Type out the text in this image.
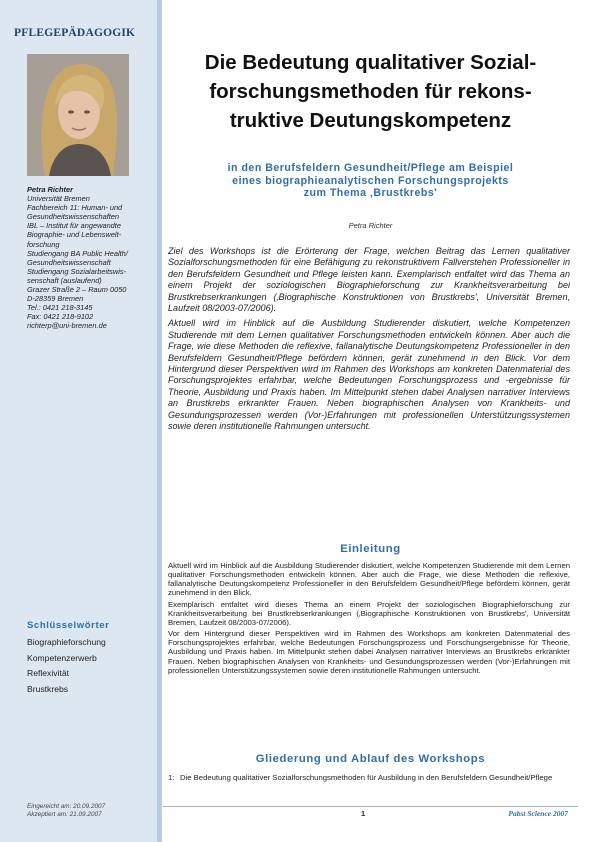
PFLEGEPÄDAGOGIK
Petra Richter
Universität Bremen
Fachbereich 11: Human- und
Gesundheitswissenschaften
IBL – Institut für angewandte
Biographie- und Lebenswelt-
forschung
Studiengang BA Public Health/
Gesundheitswissenschaft
Studiengang Sozialarbeitswis-
senschaft (auslaufend)
Grazer Straße 2 – Raum 0050
D-28359 Bremen
Tel.: 0421 218-3145
Fax: 0421 218-9102
richterp@uni-bremen.de
Schlüsselwörter
Biographieforschung
Kompetenzerwerb
Reflexivität
Brustkrebs
Eingereicht am: 20.09.2007
Akzeptiert am: 21.09.2007
Die Bedeutung qualitativer Sozial-
forschungsmethoden für rekons-
truktive Deutungskompetenz
in den Berufsfeldern Gesundheit/Pflege am Beispiel
eines biographieanalytischen Forschungsprojekts
zum Thema ‚Brustkrebs'
Petra Richter

Ziel des Workshops ist die Erörterung der Frage, welchen Beitrag das Lernen qualitativer Sozialforschungsmethoden für eine Befähigung zu rekonstruktivem Fallverstehen Professioneller in den Berufsfeldern Gesundheit und Pflege leisten kann. Exemplarisch entfaltet wird das Thema an einem Projekt der soziologischen Biographieforschung zur Krankheitsverarbeitung bei Brustkrebserkrankungen (‚Biographische Konstruktionen von Brustkrebs', Universität Bremen, Laufzeit 08/2003-07/2006).

Aktuell wird im Hinblick auf die Ausbildung Studierender diskutiert, welche Kompetenzen Studierende mit dem Lernen qualitativer Forschungsmethoden entwickeln können. Aber auch die Frage, wie diese Methoden die reflexive, fallanalytische Deutungskompetenz Professioneller in den Berufsfeldern Gesundheit/Pflege befördern können, gerät zunehmend in den Blick. Vor dem Hintergrund dieser Perspektiven wird im Rahmen des Workshops am konkreten Datenmaterial des Forschungsprojektes erfahrbar, welche Bedeutungen Forschungsprozess und -ergebnisse für Theorie, Ausbildung und Praxis haben. Im Mittelpunkt stehen dabei Analysen narrativer Interviews an Brustkrebs erkrankter Frauen. Neben biographischen Analysen von Krankheits- und Gesundungsprozessen werden (Vor-)Erfahrungen mit professionellen Unterstützungssystemen sowie deren institutionelle Rahmungen untersucht.

Einleitung

Aktuell wird im Hinblick auf die Ausbildung Studierender diskutiert, welche Kompetenzen Studierende mit dem Lernen qualitativer Forschungsmethoden entwickeln können. Aber auch die Frage, wie diese Methoden die reflexive, fallanalytische Deutungskompetenz Professioneller in den Berufsfeldern Gesundheit/Pflege befördern können, gerät zunehmend in den Blick.

Exemplarisch entfaltet wird dieses Thema an einem Projekt der soziologischen Biographieforschung zur Krankheitsverarbeitung bei Brustkrebserkrankungen (‚Biographische Konstruktionen von Brustkrebs', Universität Bremen, Laufzeit 08/2003-07/2006).

Vor dem Hintergrund dieser Perspektiven wird im Rahmen des Workshops am konkreten Datenmaterial des Forschungsprojektes erfahrbar, welche Bedeutungen Forschungsprozess und Forschungsergebnisse für Theorie, Ausbildung und Praxis haben. Im Mittelpunkt stehen dabei Analysen narrativer Interviews an Brustkrebs erkrankter Frauen. Neben biographischen Analysen von Krankheits- und Gesundungsprozessen werden (Vor-)Erfahrungen mit professionellen Unterstützungssystemen sowie deren institutionelle Rahmungen untersucht.

Gliederung und Ablauf des Workshops
1: Die Bedeutung qualitativer Sozialforschungsmethoden für Ausbildung in den Berufsfeldern Gesundheit/Pflege
1	Pabst Science 2007
